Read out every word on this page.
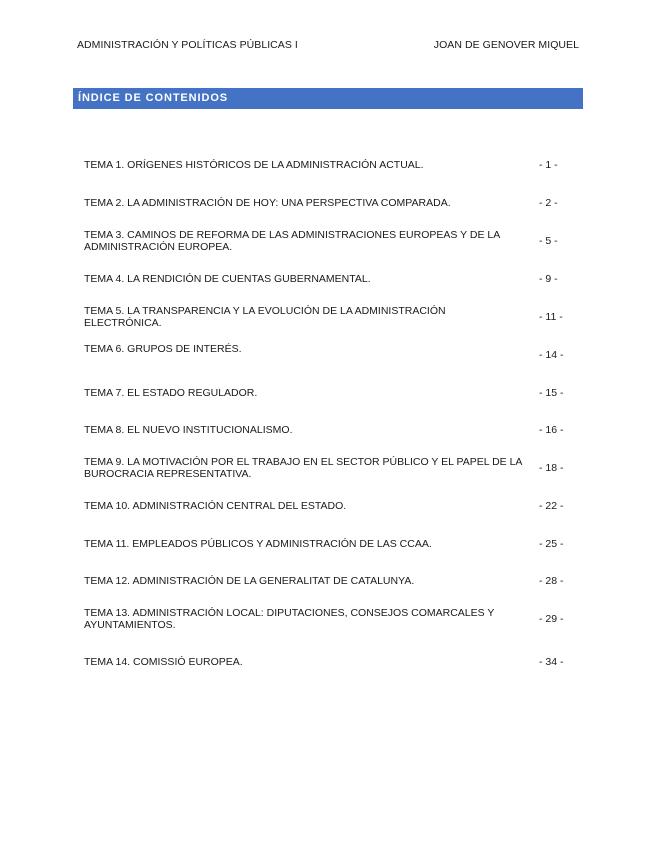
ADMINISTRACIÓN Y POLÍTICAS PÚBLICAS I	JOAN DE GENOVER MIQUEL
ÍNDICE DE CONTENIDOS
TEMA 1. ORÍGENES HISTÓRICOS DE LA ADMINISTRACIÓN ACTUAL.	- 1 -
TEMA 2. LA ADMINISTRACIÓN DE HOY: UNA PERSPECTIVA COMPARADA.	- 2 -
TEMA 3. CAMINOS DE REFORMA DE LAS ADMINISTRACIONES EUROPEAS Y DE LA ADMINISTRACIÓN EUROPEA.	- 5 -
TEMA 4. LA RENDICIÓN DE CUENTAS GUBERNAMENTAL.	- 9 -
TEMA 5. LA TRANSPARENCIA Y LA EVOLUCIÓN DE LA ADMINISTRACIÓN ELECTRÓNICA.	- 11 -
TEMA 6. GRUPOS DE INTERÉS.	- 14 -
TEMA 7. EL ESTADO REGULADOR.	- 15 -
TEMA 8. EL NUEVO INSTITUCIONALISMO.	- 16 -
TEMA 9. LA MOTIVACIÓN POR EL TRABAJO EN EL SECTOR PÚBLICO Y EL PAPEL DE LA BUROCRACIA REPRESENTATIVA.	- 18 -
TEMA 10. ADMINISTRACIÓN CENTRAL DEL ESTADO.	- 22 -
TEMA 11. EMPLEADOS PÚBLICOS Y ADMINISTRACIÓN DE LAS CCAA.	- 25 -
TEMA 12. ADMINISTRACIÓN DE LA GENERALITAT DE CATALUNYA.	- 28 -
TEMA 13. ADMINISTRACIÓN LOCAL: DIPUTACIONES, CONSEJOS COMARCALES Y AYUNTAMIENTOS.	- 29 -
TEMA 14. COMISSIÓ EUROPEA.	- 34 -
